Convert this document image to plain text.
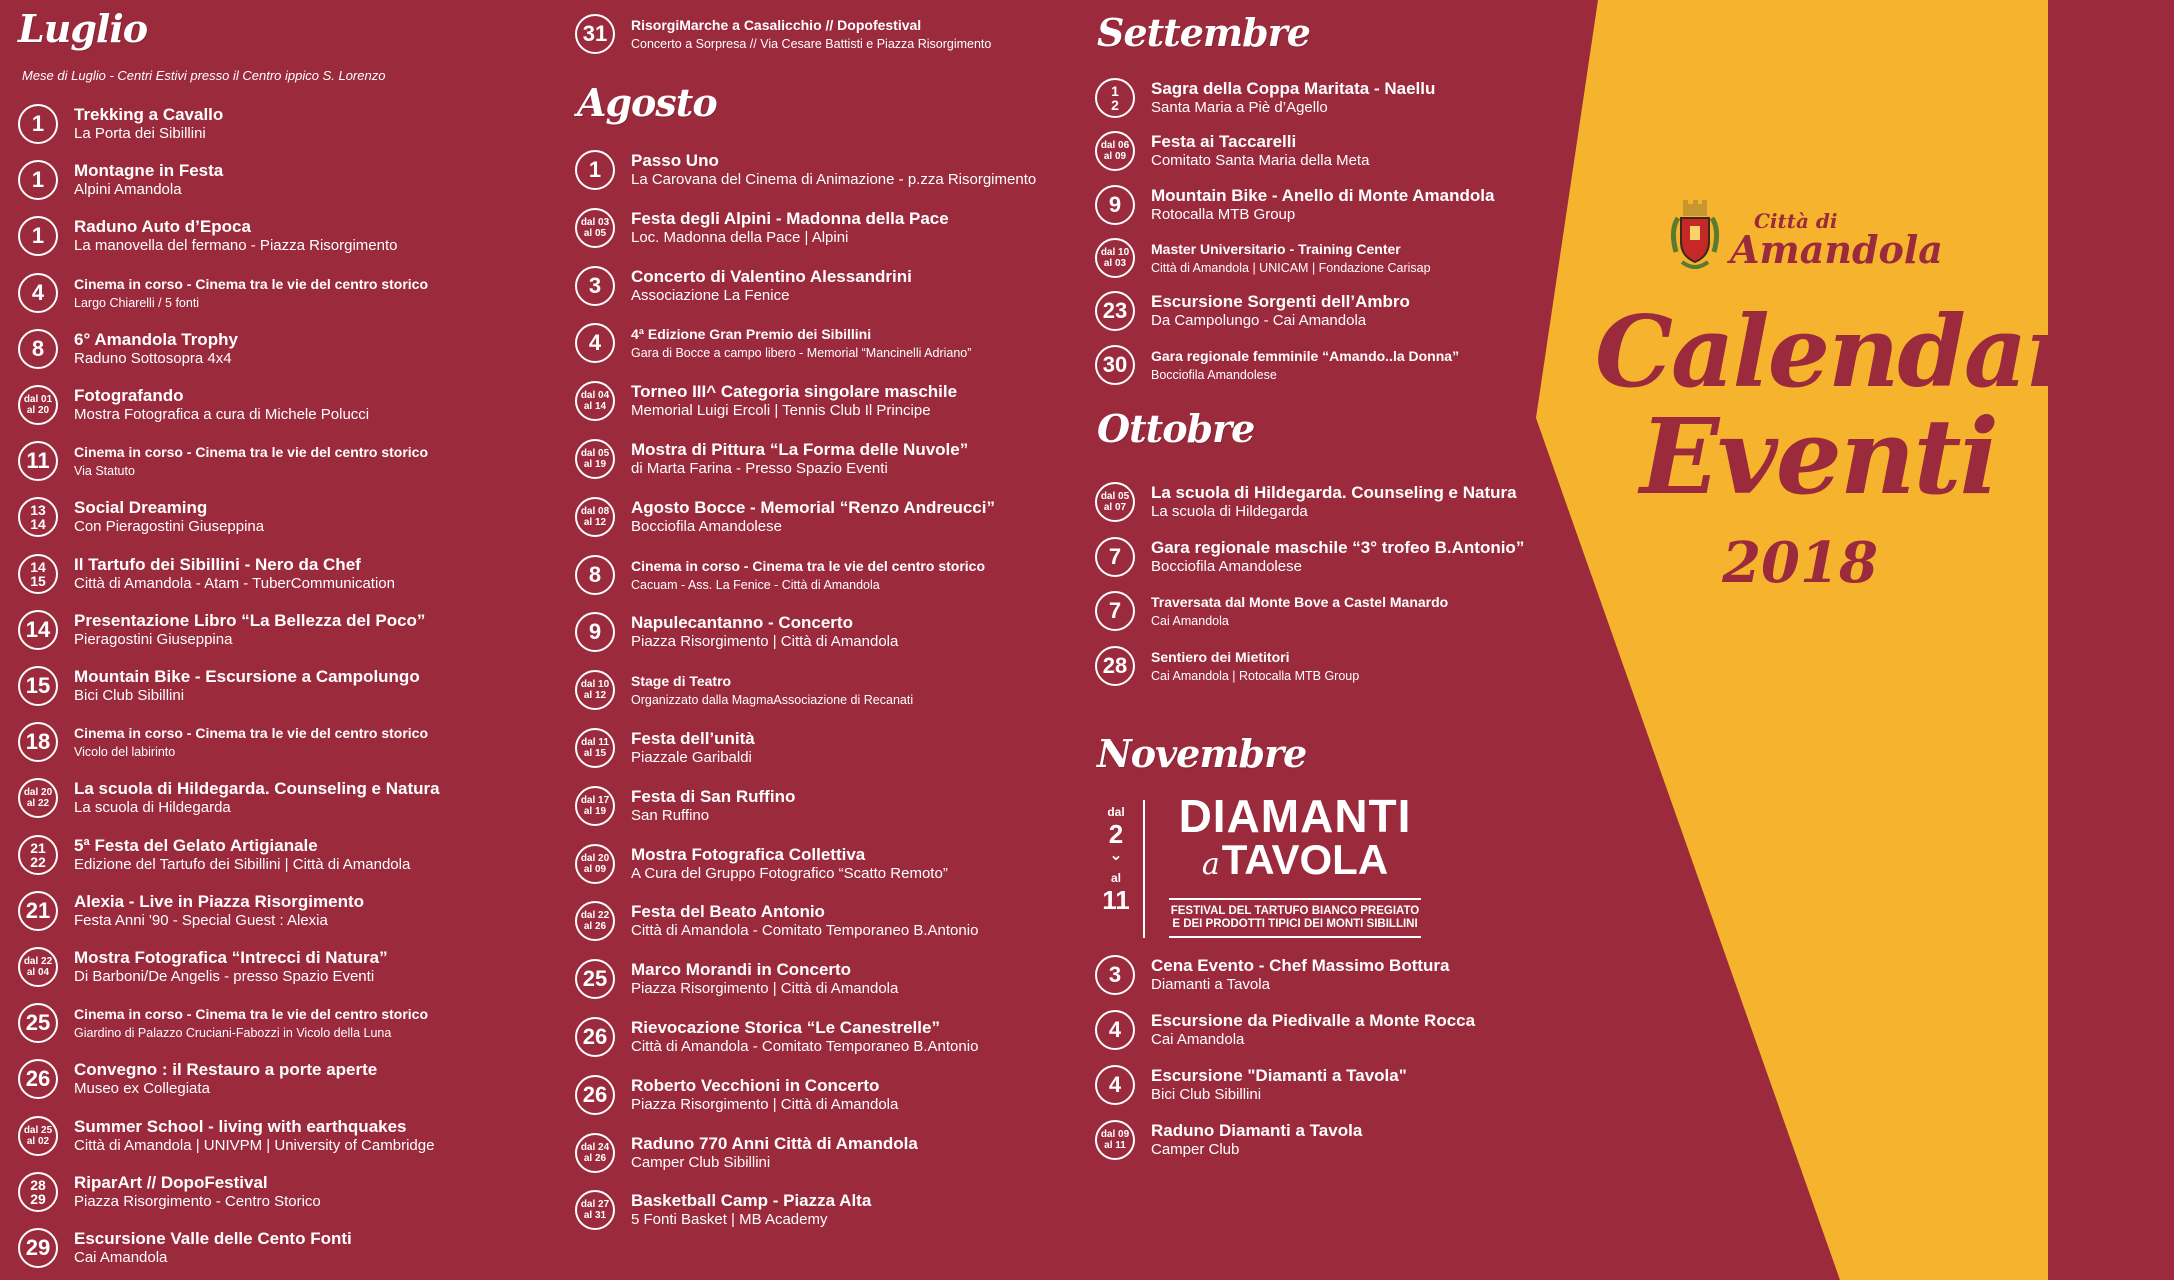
Luglio
Mese di Luglio - Centri Estivi presso il Centro ippico S. Lorenzo
1 Trekking a Cavallo
La Porta dei Sibillini
1 Montagne in Festa
Alpini Amandola
1 Raduno Auto d’Epoca
La manovella del fermano - Piazza Risorgimento
4 Cinema in corso - Cinema tra le vie del centro storico
Largo Chiarelli / 5 fonti
8 6° Amandola Trophy
Raduno Sottosopra 4x4
dal 01
al 20
Fotografando
Mostra Fotografica a cura di Michele Polucci
11 Cinema in corso - Cinema tra le vie del centro storico
Via Statuto
13
14
Social Dreaming
Con Pieragostini Giuseppina
14
15
Il Tartufo dei Sibillini - Nero da Chef
Città di Amandola - Atam - TuberCommunication
14 Presentazione Libro “La Bellezza del Poco”
Pieragostini Giuseppina
15 Mountain Bike - Escursione a Campolungo
Bici Club Sibillini
18 Cinema in corso - Cinema tra le vie del centro storico
Vicolo del labirinto
dal 20
al 22
La scuola di Hildegarda. Counseling e Natura
La scuola di Hildegarda
21
22
5ª Festa del Gelato Artigianale
Edizione del Tartufo dei Sibillini | Città di Amandola
21 Alexia - Live in Piazza Risorgimento
Festa Anni '90 - Special Guest : Alexia
dal 22
al 04
Mostra Fotografica “Intrecci di Natura”
Di Barboni/De Angelis - presso Spazio Eventi
25 Cinema in corso - Cinema tra le vie del centro storico
Giardino di Palazzo Cruciani-Fabozzi in Vicolo della Luna
26 Convegno : il Restauro a porte aperte
Museo ex Collegiata
dal 25
al 02
Summer School - living with earthquakes
Città di Amandola | UNIVPM | University of Cambridge
28
29
RiparArt // DopoFestival
Piazza Risorgimento - Centro Storico
29 Escursione Valle delle Cento Fonti
Cai Amandola
31 RisorgiMarche a Casalicchio // Dopofestival
Concerto a Sorpresa // Via Cesare Battisti e Piazza Risorgimento
Agosto
1 Passo Uno
La Carovana del Cinema di Animazione - p.zza Risorgimento
dal 03
al 05
Festa degli Alpini - Madonna della Pace
Loc. Madonna della Pace | Alpini
3 Concerto di Valentino Alessandrini
Associazione La Fenice
4 4ª Edizione Gran Premio dei Sibillini
Gara di Bocce a campo libero - Memorial “Mancinelli Adriano”
dal 04
al 14
Torneo III^ Categoria singolare maschile
Memorial Luigi Ercoli | Tennis Club Il Principe
dal 05
al 19
Mostra di Pittura “La Forma delle Nuvole”
di Marta Farina - Presso Spazio Eventi
dal 08
al 12
Agosto Bocce - Memorial “Renzo Andreucci”
Bocciofila Amandolese
8 Cinema in corso - Cinema tra le vie del centro storico
Cacuam - Ass. La Fenice - Città di Amandola
9 Napulecantanno - Concerto
Piazza Risorgimento | Città di Amandola
dal 10
al 12
Stage di Teatro
Organizzato dalla MagmaAssociazione di Recanati
dal 11
al 15
Festa dell’unità
Piazzale Garibaldi
dal 17
al 19
Festa di San Ruffino
San Ruffino
dal 20
al 09
Mostra Fotografica Collettiva
A Cura del Gruppo Fotografico “Scatto Remoto”
dal 22
al 26
Festa del Beato Antonio
Città di Amandola - Comitato Temporaneo B.Antonio
25 Marco Morandi in Concerto
Piazza Risorgimento | Città di Amandola
26 Rievocazione Storica “Le Canestrelle”
Città di Amandola - Comitato Temporaneo B.Antonio
26 Roberto Vecchioni in Concerto
Piazza Risorgimento | Città di Amandola
dal 24
al 26
Raduno 770 Anni Città di Amandola
Camper Club Sibillini
dal 27
al 31
Basketball Camp - Piazza Alta
5 Fonti Basket | MB Academy
Settembre
1
2
Sagra della Coppa Maritata - Naellu
Santa Maria a Piè d’Agello
dal 06
al 09
Festa ai Taccarelli
Comitato Santa Maria della Meta
9 Mountain Bike - Anello di Monte Amandola
Rotocalla MTB Group
dal 10
al 03
Master Universitario - Training Center
Città di Amandola | UNICAM | Fondazione Carisap
23 Escursione Sorgenti dell’Ambro
Da Campolungo - Cai Amandola
30 Gara regionale femminile “Amando..la Donna”
Bocciofila Amandolese
Ottobre
dal 05
al 07
La scuola di Hildegarda. Counseling e Natura
La scuola di Hildegarda
7 Gara regionale maschile “3° trofeo B.Antonio”
Bocciofila Amandolese
7 Traversata dal Monte Bove a Castel Manardo
Cai Amandola
28 Sentiero dei Mietitori
Cai Amandola | Rotocalla MTB Group
Novembre
3 Cena Evento - Chef Massimo Bottura
Diamanti a Tavola
4 Escursione da Piedivalle a Monte Rocca
Cai Amandola
4 Escursione "Diamanti a Tavola"
Bici Club Sibillini
dal 09
al 11
Raduno Diamanti a Tavola
Camper Club
dal
2
⌄
al
11
DIAMANTI
aTAVOLA
FESTIVAL DEL TARTUFO BIANCO PREGIATO
E DEI PRODOTTI TIPICI DEI MONTI SIBILLINI
Città di
Amandola
Calendario
Eventi
2018
